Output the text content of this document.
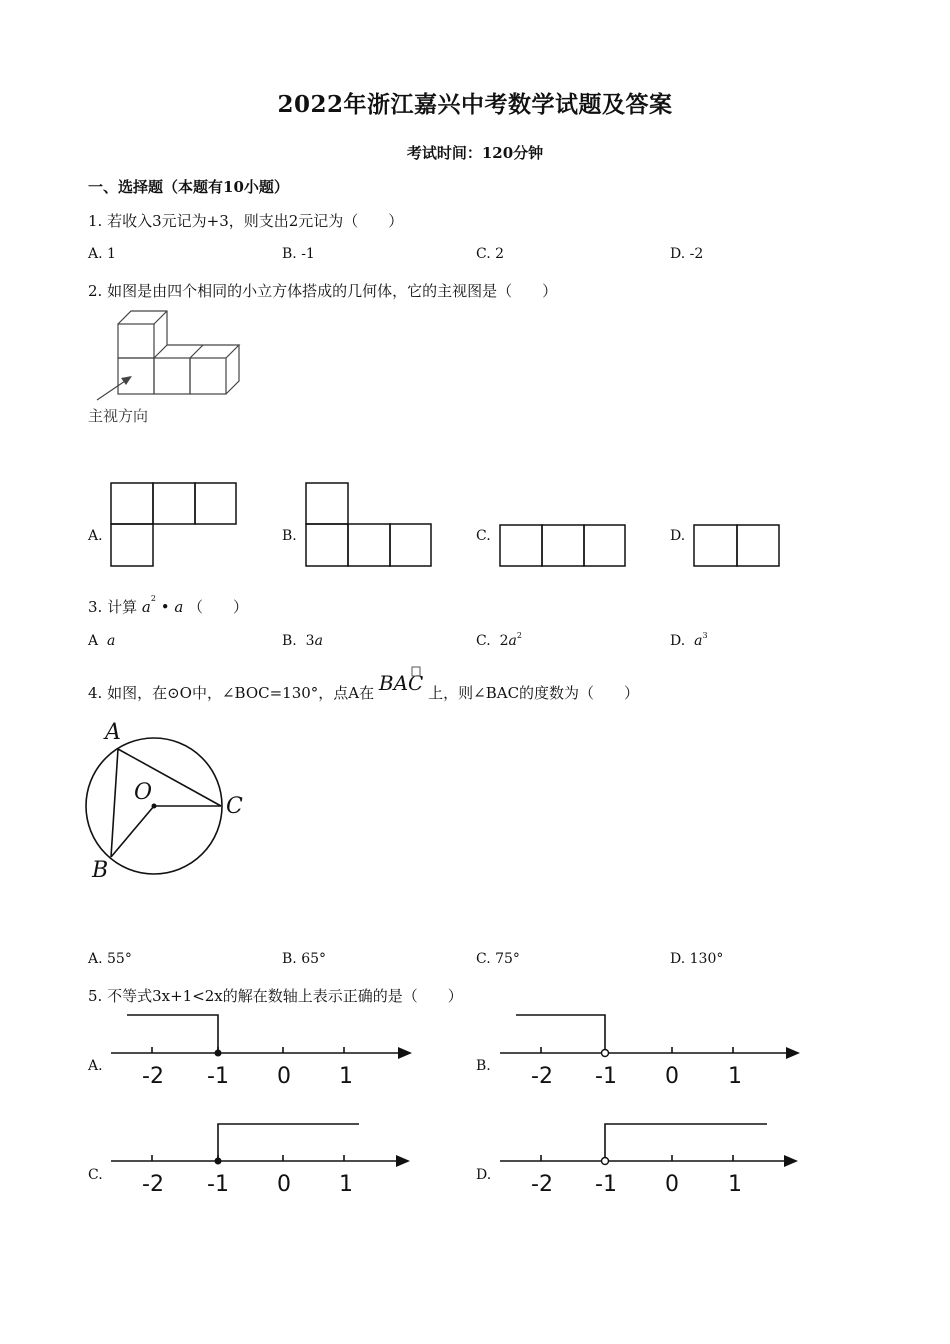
2022年浙江嘉兴中考数学试题及答案
考试时间：120分钟
一、选择题（本题有10小题）
1. 若收入3元记为+3，则支出2元记为（　　）
A. 1	B. -1	C. 2	D. -2
2. 如图是由四个相同的小立方体搭成的几何体，它的主视图是（　　）
主视方向
A.	B.	C.	D.
3. 计算 $a^2$ • a （　　）
A a	B. 3a	C. $2a^2$	D. $a^3$
4. 如图，在⊙O中，∠BOC=130°，点A在 BAC 上，则∠BAC的度数为（　　）
A
O
C
B
A. 55°	B. 65°	C. 75°	D. 130°
5. 不等式3x+1<2x的解在数轴上表示正确的是（　　）
A.	B.
C.	D.
-2 -1 0 1	-2 -1 0 1
-2 -1 0 1	-2 -1 0 1
